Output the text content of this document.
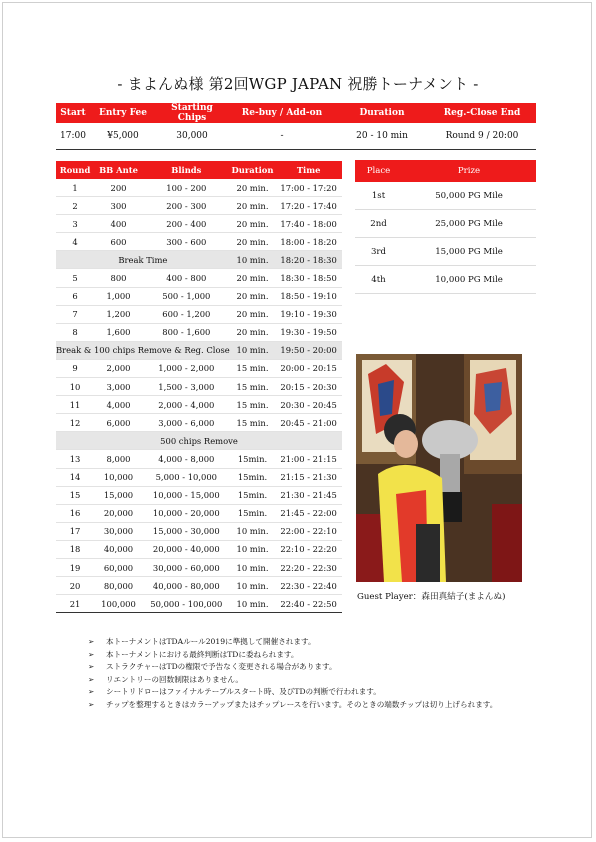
- まよんぬ様 第2回WGP JAPAN 祝勝トーナメント -
Start	Entry Fee	Starting Chips	Re-buy / Add-on	Duration	Reg.-Close End
17:00	¥5,000	30,000	-	20 - 10 min	Round 9 / 20:00
Round	BB Ante	Blinds	Duration	Time
1	200	100 - 200	20 min.	17:00 - 17:20
2	300	200 - 300	20 min.	17:20 - 17:40
3	400	200 - 400	20 min.	17:40 - 18:00
4	600	300 - 600	20 min.	18:00 - 18:20
Break Time			10 min.	18:20 - 18:30
5	800	400 - 800	20 min.	18:30 - 18:50
6	1,000	500 - 1,000	20 min.	18:50 - 19:10
7	1,200	600 - 1,200	20 min.	19:10 - 19:30
8	1,600	800 - 1,600	20 min.	19:30 - 19:50
Break & 100 chips Remove & Reg. Close			10 min.	19:50 - 20:00
9	2,000	1,000 - 2,000	15 min.	20:00 - 20:15
10	3,000	1,500 - 3,000	15 min.	20:15 - 20:30
11	4,000	2,000 - 4,000	15 min.	20:30 - 20:45
12	6,000	3,000 - 6,000	15 min.	20:45 - 21:00
500 chips Remove				
13	8,000	4,000 - 8,000	15min.	21:00 - 21:15
14	10,000	5,000 - 10,000	15min.	21:15 - 21:30
15	15,000	10,000 - 15,000	15min.	21:30 - 21:45
16	20,000	10,000 - 20,000	15min.	21:45 - 22:00
17	30,000	15,000 - 30,000	10 min.	22:00 - 22:10
18	40,000	20,000 - 40,000	10 min.	22:10 - 22:20
19	60,000	30,000 - 60,000	10 min.	22:20 - 22:30
20	80,000	40,000 - 80,000	10 min.	22:30 - 22:40
21	100,000	50,000 - 100,000	10 min.	22:40 - 22:50
Place	Prize
1st	50,000 PG Mile
2nd	25,000 PG Mile
3rd	15,000 PG Mile
4th	10,000 PG Mile
Guest Player：森田真結子(まよんぬ)
➢ 本トーナメントはTDAルール2019に準拠して開催されます。
➢ 本トーナメントにおける最終判断はTDに委ねられます。
➢ ストラクチャーはTDの権限で予告なく変更される場合があります。
➢ リエントリーの回数制限はありません。
➢ シートリドローはファイナルテーブルスタート時、及びTDの判断で行われます。
➢ チップを整理するときはカラーアップまたはチップレースを行います。そのときの端数チップは切り上げられます。
